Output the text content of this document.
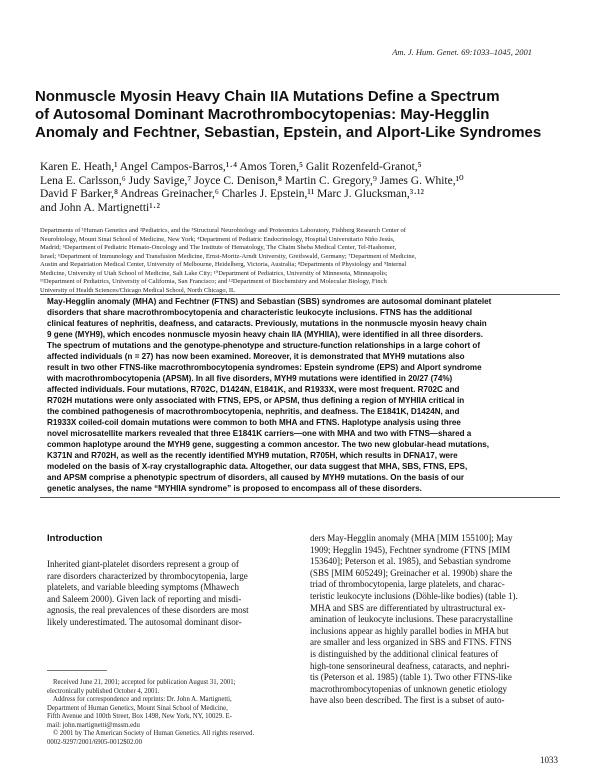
Am. J. Hum. Genet. 69:1033–1045, 2001
Nonmuscle Myosin Heavy Chain IIA Mutations Define a Spectrum
of Autosomal Dominant Macrothrombocytopenias: May-Hegglin
Anomaly and Fechtner, Sebastian, Epstein, and Alport-Like Syndromes
Karen E. Heath,¹ Angel Campos-Barros,¹·⁴ Amos Toren,⁵ Galit Rozenfeld-Granot,⁵
Lena E. Carlsson,⁶ Judy Savige,⁷ Joyce C. Denison,⁸ Martin C. Gregory,⁹ James G. White,¹⁰
David F Barker,⁸ Andreas Greinacher,⁶ Charles J. Epstein,¹¹ Marc J. Glucksman,³·¹²
and John A. Martignetti¹·²
Departments of ¹Human Genetics and ²Pediatrics, and the ³Structural Neurobiology and Proteomics Laboratory, Fishberg Research Center of
Neurobiology, Mount Sinai School of Medicine, New York; ⁴Department of Pediatric Endocrinology, Hospital Universitario Niño Jesús,
Madrid; ⁵Department of Pediatric Hemato-Oncology and The Institute of Hematology, The Chaim Sheba Medical Center, Tel-Hashomer,
Israel; ⁶Department of Immunology and Transfusion Medicine, Ernst-Moritz-Arndt University, Greifswald, Germany; ⁷Department of Medicine,
Austin and Repatriation Medical Center, University of Melbourne, Heidelberg, Victoria, Australia; ⁸Departments of Physiology and ⁹Internal
Medicine, University of Utah School of Medicine, Salt Lake City; ¹⁰Department of Pediatrics, University of Minnesota, Minneapolis;
¹¹Department of Pediatrics, University of California, San Francisco; and ¹²Department of Biochemistry and Molecular Biology, Finch
University of Health Sciences/Chicago Medical School, North Chicago, IL
May-Hegglin anomaly (MHA) and Fechtner (FTNS) and Sebastian (SBS) syndromes are autosomal dominant platelet
disorders that share macrothrombocytopenia and characteristic leukocyte inclusions. FTNS has the additional
clinical features of nephritis, deafness, and cataracts. Previously, mutations in the nonmuscle myosin heavy chain
9 gene (MYH9), which encodes nonmuscle myosin heavy chain IIA (MYHIIA), were identified in all three disorders.
The spectrum of mutations and the genotype-phenotype and structure-function relationships in a large cohort of
affected individuals (n = 27) has now been examined. Moreover, it is demonstrated that MYH9 mutations also
result in two other FTNS-like macrothrombocytopenia syndromes: Epstein syndrome (EPS) and Alport syndrome
with macrothrombocytopenia (APSM). In all five disorders, MYH9 mutations were identified in 20/27 (74%)
affected individuals. Four mutations, R702C, D1424N, E1841K, and R1933X, were most frequent. R702C and
R702H mutations were only associated with FTNS, EPS, or APSM, thus defining a region of MYHIIA critical in
the combined pathogenesis of macrothrombocytopenia, nephritis, and deafness. The E1841K, D1424N, and
R1933X coiled-coil domain mutations were common to both MHA and FTNS. Haplotype analysis using three
novel microsatellite markers revealed that three E1841K carriers—one with MHA and two with FTNS—shared a
common haplotype around the MYH9 gene, suggesting a common ancestor. The two new globular-head mutations,
K371N and R702H, as well as the recently identified MYH9 mutation, R705H, which results in DFNA17, were
modeled on the basis of X-ray crystallographic data. Altogether, our data suggest that MHA, SBS, FTNS, EPS,
and APSM comprise a phenotypic spectrum of disorders, all caused by MYH9 mutations. On the basis of our
genetic analyses, the name “MYHIIA syndrome” is proposed to encompass all of these disorders.
Introduction
Inherited giant-platelet disorders represent a group of
rare disorders characterized by thrombocytopenia, large
platelets, and variable bleeding symptoms (Mhawech
and Saleem 2000). Given lack of reporting and misdi-
agnosis, the real prevalences of these disorders are most
likely underestimated. The autosomal dominant disor-
ders May-Hegglin anomaly (MHA [MIM 155100]; May
1909; Hegglin 1945), Fechtner syndrome (FTNS [MIM
153640]; Peterson et al. 1985), and Sebastian syndrome
(SBS [MIM 605249]; Greinacher et al. 1990b) share the
triad of thrombocytopenia, large platelets, and charac-
teristic leukocyte inclusions (Döhle-like bodies) (table 1).
MHA and SBS are differentiated by ultrastructural ex-
amination of leukocyte inclusions. These paracrystalline
inclusions appear as highly parallel bodies in MHA but
are smaller and less organized in SBS and FTNS. FTNS
is distinguished by the additional clinical features of
high-tone sensorineural deafness, cataracts, and nephri-
tis (Peterson et al. 1985) (table 1). Two other FTNS-like
macrothrombocytopenias of unknown genetic etiology
have also been described. The first is a subset of auto-
Received June 21, 2001; accepted for publication August 31, 2001;
electronically published October 4, 2001.
Address for correspondence and reprints: Dr. John A. Martignetti,
Department of Human Genetics, Mount Sinai School of Medicine,
Fifth Avenue and 100th Street, Box 1498, New York, NY, 10029. E-
mail: john.martignetti@mssm.edu
© 2001 by The American Society of Human Genetics. All rights reserved.
0002-9297/2001/6905-0012$02.00
1033
